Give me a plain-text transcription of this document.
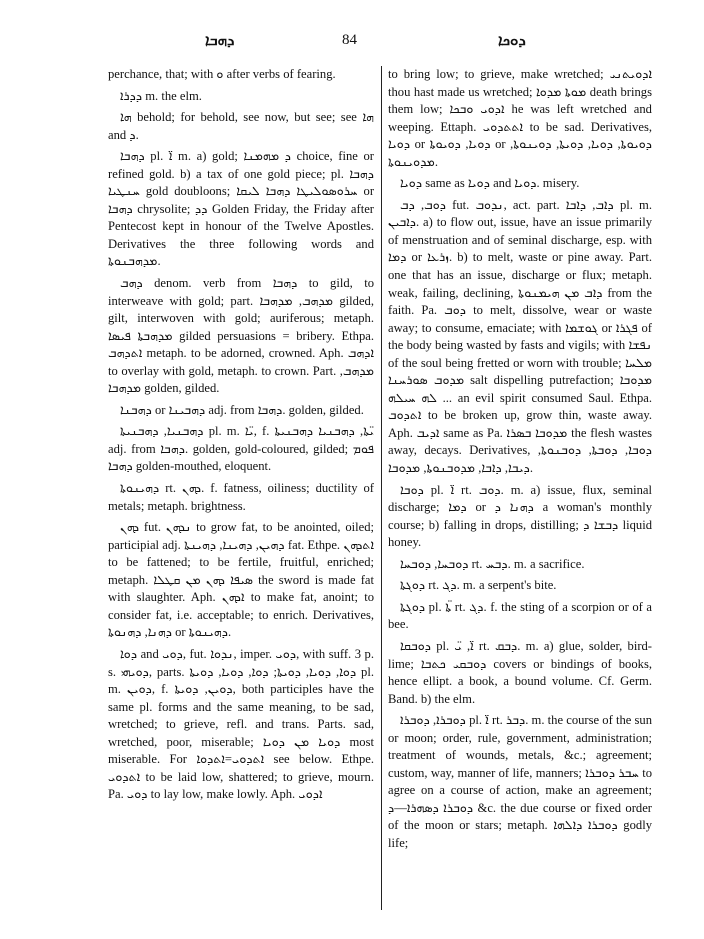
ܕܗܒܐ	84	ܕܘܟܐ

perchance, that; with ܘ after verbs of fearing.

ܕܕܪܐ m. the elm.

ܗܐ behold; for behold, see now, but see; see ܗܐ and ܕ.

ܕܗܒܐ pl. ܐ̈ m. a) gold; ܕ ܡܗܡܢܐ choice, fine or refined gold. b) a tax of one gold piece; pl. ܕܗܒܐ ܚܢܛܝܐ gold doubloons; ܚܪܘܣܘܠܝܛܐ ܕܗܒܐ ܠܝܩܐ or ܕܗܒܐ chrysolite; ܕܕ Golden Friday, the Friday after Pentecost kept in honour of the Twelve Apostles. Derivatives the three following words and ܡܕܗܒܢܘܬܐ.

ܕܗܒ denom. verb from ܕܗܒܐ to gild, to interweave with gold; part. ܡܕܗܒ, ܡܕܗܒܐ gilded, gilt, interwoven with gold; auriferous; metaph. ܡܕܗܒܬܐ ܦܝܣܐ gilded persuasions = bribery. Ethpa. ܐܬܕܗܒ metaph. to be adorned, crowned. Aph. ܐܕܗܒ to overlay with gold, metaph. to crown. Part. ܡܕܗܒ, ܡܕܗܒܐ golden, gilded.

ܕܗܒܢܐ or ܕܗܒܝܢܐ adj. from ܕܗܒܐ. golden, gilded.

ܕܗܒܢܝܐ, ܕܗܒܢܝܬܐ pl. m. ܝ̈ܐ, f. ܝ̈ܬܐ, ܕܗܒܢܝܐ ܕܗܒܢܝܬܐ adj. from ܕܗܒܐ. golden, gold-coloured, gilded; ܦܘܡ ܕܗܒܐ golden-mouthed, eloquent.

ܕܗܝܢܘܬܐ rt. ܕܗܢ. f. fatness, oiliness; ductility of metals; metaph. brightness.

ܕܗܢ fut. ܢܕܗܢ to grow fat, to be anointed, oiled; participial adj. ܕܗܝܢ, ܕܗܝܢܐ, ܕܗܝܢܬܐ fat. Ethpe. ܐܬܕܗܢ to be fattened; to be fertile, fruitful, enriched; metaph. ܣܝܦܐ ܕܗܢ ܡܢ ܩܛܠܐ the sword is made fat with slaughter. Aph. ܐܕܗܢ to make fat, anoint; to consider fat, i.e. acceptable; to enrich. Derivatives, ܕܗܢܐ, ܕܗܢܘܬܐ or ܕܗܝܢܘܬܐ.

ܕܘܐ and ܕܘܝ, fut. ܢܕܘܐ, imper. ܕܘܝ, with suff. 3 p. s. ܕܘܝܗܝ, parts. ܕܘܐ, ܕܘܝܐ, ܕܘܝܬܐ; ܕܘܐ, ܕܘܝܐ, ܕܘܝܬܐ pl. m. ܕܘܝܢ, f. ܕܘܝܢ, ܕܘܝܬܐ, both participles have the same pl. forms and the same meaning, to be sad, wretched; to grieve, refl. and trans. Parts. sad, wretched, poor, miserable; ܕܘܝܐ ܡܢ ܕܘܝܐ most miserable. For ܐܬܕܘܝ=ܐܬܕܘܐ see below. Ethpe. ܐܬܕܘܝ to be laid low, shattered; to grieve, mourn. Pa. ܕܘܝ to lay low, make lowly. Aph. ܐܕܘܝ

to bring low; to grieve, make wretched; ܐܕܘܝܬܢܝ thou hast made us wretched; ܡܘܬܐ ܡܕܘܐ death brings them low; ܐܕܘܝ ܘܒܟܐ he was left wretched and weeping. Ettaph. ܐܬܬܕܘܝ to be sad. Derivatives, ܕܘܝܐ or ܕܘܝܐ, ܕܘܝܘܬܐ or ܕܘܝܘܬܐ, ܕܘܝܐ, ܕܘܝܬܐ, ܕܘܝܢܘܬܐ, ܡܕܘܝܢܘܬܐ.

ܕܘܝܐ same as ܕܘܝܐ and ܕܘܝܐ. misery.

ܕܘܒ, ܕܒ fut. ܢܕܘܒ, act. part. ܕܐܒ, ܕܐܒܐ pl. m. ܕܐܒܝܢ. a) to flow out, issue, have an issue primarily of menstruation and of seminal discharge, esp. with ܕܡܐ or ܙܪܥܐ. b) to melt, waste or pine away. Part. one that has an issue, discharge or flux; metaph. weak, failing, declining, ܕܐܒ ܡܢ ܗܝܡܢܘܬܐ from the faith. Pa. ܕܘܒ to melt, dissolve, wear or waste away; to consume, emaciate; with ܓܘܫܡܐ or ܦܓܪܐ of the body being wasted by fasts and vigils; with ܢܦܫܐ of the soul being fretted or worn with trouble; ܡܠܚܐ ܡܕܘܒ ܣܘܪܚܢܐ salt dispelling putrefaction; ܡܕܘܒܐ ܠܗ ܚܝܠܗ ... an evil spirit consumed Saul. Ethpa. ܐܬܕܘܒ to be broken up, grow thin, waste away. Aph. ܐܕܝܒ same as Pa. ܡܕܘܒܐ ܒܣܪܐ the flesh wastes away, decays. Derivatives, ܕܘܒܐ, ܕܘܒܬܐ, ܕܘܒܢܘܬܐ, ܕܝܒܐ, ܕܐܒܐ, ܡܕܘܒܢܘܬܐ, ܡܕܘܒܐ.

ܕܘܒܐ pl. ܐ̈ rt. ܕܘܒ. m. a) issue, flux, seminal discharge; ܕܡܐ or ܕܗܢܐ ܕ a woman's monthly course; b) falling in drops, distilling; ܕܒܫܐ ܕ liquid honey.

ܕܘܒܚܐ, ܕܘܒܚܐ rt. ܕܒܚ. m. a sacrifice.

ܕܘܓܬܐ rt. ܕܓ. m. a serpent's bite.

ܕܘܓܬܐ pl. ܬ̈ܐ rt. ܕܓ. f. the sting of a scorpion or of a bee.

ܕܘܒܩܐ pl. ܐ̈, ܝ̈ rt. ܕܒܩ. m. a) glue, solder, bird-lime; ܕܘܒܩܝ ܟܬܒܐ covers or bindings of books, hence ellipt. a book, a bound volume. Cf. Germ. Band. b) the elm.

ܕܘܒܪܐ, ܕܘܒܪܐ pl. ܐ̈ rt. ܕܒܪ. m. the course of the sun or moon; order, rule, government, administration; treatment of wounds, metals, &c.; agreement; custom, way, manner of life, manners; ܚܒܪ ܕܘܒܪܐ to agree on a course of action, make an agreement; ܕܘܒܪܐ ܕܣܗܪܐ—ܕ &c. the due course or fixed order of the moon or stars; metaph. ܕܘܒܪܐ ܕܐܠܗܐ godly life;
